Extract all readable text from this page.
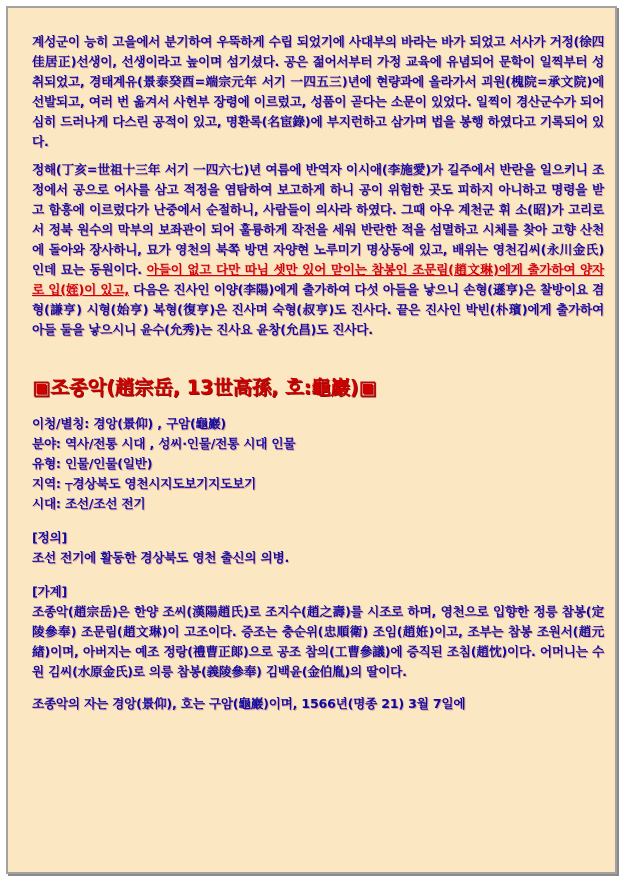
계성군이 능히 고을에서 분기하여 우뚝하게 수립 되었기에 사대부의 바라는 바가 되었고 서사가 거정(徐四佳居正)선생이, 선생이라고 높이며 섬기셨다. 공은 젊어서부터 가정 교육에 유념되어 문학이 일찍부터 성취되었고, 경태계유(景泰癸酉=端宗元年 서기 一四五三)년에 현량과에 올라가서 괴원(槐院=承文院)에 선발되고, 여러 번 옮겨서 사헌부 장령에 이르렀고, 성품이 곧다는 소문이 있었다. 일찍이 경산군수가 되어 심히 드러나게 다스린 공적이 있고, 명환록(名宦錄)에 부지런하고 삼가며 법을 봉행 하였다고 기록되어 있다.

정해(丁亥=世祖十三年 서기 一四六七)년 여름에 반역자 이시애(李施愛)가 길주에서 반란을 일으키니 조정에서 공으로 어사를 삼고 적정을 염탐하여 보고하게 하니 공이 위험한 곳도 피하지 아니하고 명령을 받고 함흥에 이르렀다가 난중에서 순절하니, 사람들이 의사라 하였다. 그때 아우 계천군 휘 소(昭)가 고리로서 정북 원수의 막부의 보좌관이 되어 훌륭하게 작전을 세워 반란한 적을 섬멸하고 시체를 찾아 고향 산천에 돌아와 장사하니, 묘가 영천의 북쪽 방면 자양현 노루미기 명상동에 있고, 배위는 영천김씨(永川金氏)인데 묘는 동원이다. 아들이 없고 다만 따님 셋만 있어 맏이는 참봉인 조문림(趙文琳)에게 출가하여 양자로 입(姪)이 있고, 다음은 진사인 이양(李陽)에게 출가하여 다섯 아들을 낳으니 손형(遜亨)은 찰방이요 겸형(謙亨) 시형(始亨) 복형(復亨)은 진사며 숙형(叔亨)도 진사다. 끝은 진사인 박빈(朴璸)에게 출가하여 아들 둘을 낳으시니 윤수(允秀)는 진사요 윤창(允昌)도 진사다.

▣조종악(趙宗岳, 13世高孫, 호:龜巖)▣

이청/별칭: 경앙(景仰) , 구암(龜巖)

분야: 역사/전통 시대 , 성씨·인물/전통 시대 인물

유형: 인물/인물(일반)

지역: ┬경상북도 영천시지도보기지도보기

시대: 조선/조선 전기

[정의]

조선 전기에 활동한 경상북도 영천 출신의 의병.

[가계]

조종악(趙宗岳)은 한양 조씨(漢陽趙氏)로 조지수(趙之壽)를 시조로 하며, 영천으로 입향한 정릉 참봉(定陵參奉) 조문림(趙文琳)이 고조이다. 증조는 충순위(忠順衛) 조임(趙姙)이고, 조부는 참봉 조원서(趙元緖)이며, 아버지는 예조 정랑(禮曹正郞)으로 공조 참의(工曹參議)에 증직된 조침(趙忱)이다. 어머니는 수원 김씨(水原金氏)로 의릉 참봉(義陵參奉) 김백윤(金伯胤)의 딸이다.

조종악의 자는 경앙(景仰), 호는 구암(龜巖)이며, 1566년(명종 21) 3월 7일에
